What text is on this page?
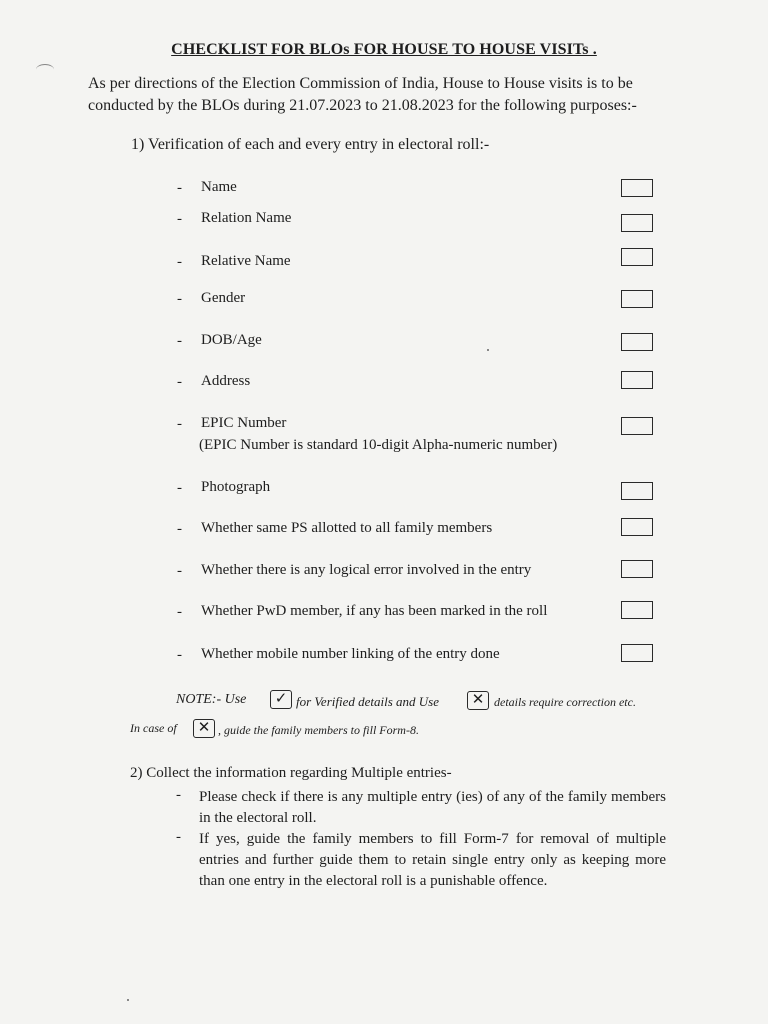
CHECKLIST FOR BLOs FOR HOUSE TO HOUSE VISITs .
As per directions of the Election Commission of India, House to House visits is to be conducted by the BLOs during 21.07.2023 to 21.08.2023 for the following purposes:-
1) Verification of each and every entry in electoral roll:-
- Name
- Relation Name
- Relative Name
- Gender
- DOB/Age
- Address
- EPIC Number
(EPIC Number is standard 10-digit Alpha-numeric number)
- Photograph
- Whether same PS allotted to all family members
- Whether there is any logical error involved in the entry
- Whether PwD member, if any has been marked in the roll
- Whether mobile number linking of the entry done
NOTE:- Use ✓ for Verified details and Use ✕ details require correction etc.
In case of ✕ , guide the family members to fill Form-8.
2) Collect the information regarding Multiple entries-
- Please check if there is any multiple entry (ies) of any of the family members in the electoral roll.
- If yes, guide the family members to fill Form-7 for removal of multiple entries and further guide them to retain single entry only as keeping more than one entry in the electoral roll is a punishable offence.
